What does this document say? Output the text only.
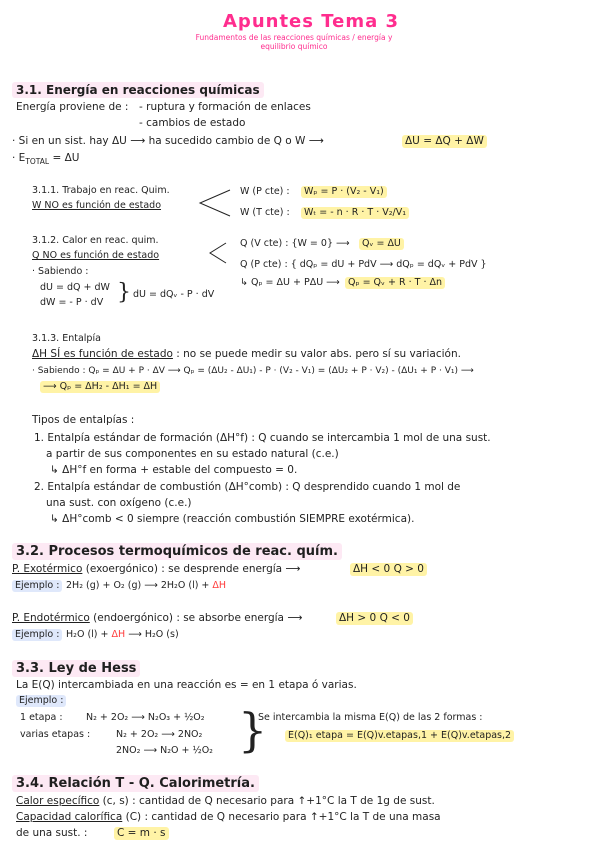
Apuntes Tema 3
Fundamentos de las reacciones químicas / energía y equilibrio químico
3.1. Energía en reacciones químicas
Energía proviene de : - ruptura y formación de enlaces
- cambios de estado
· Si en un sist. hay ΔU ⟶ ha sucedido cambio de Q o W ⟶	ΔU = ΔQ + ΔW
· $E_{TOTAL} = \Delta U$
3.1.1. Trabajo en reac. Quim.
W NO es función de estado
W (P cte) :	Wₚ = P · (V₂ - V₁)
W (T cte) :	Wₜ = - n · R · T · V₂/V₁
3.1.2. Calor en reac. quim.
Q NO es función de estado
· Sabiendo :
dU = dQ + dW
dW = - P · dV } dU = dQᵥ - P · dV
Q (V cte) : {W = 0} ⟶	Qᵥ = ΔU
Q (P cte) : { dQₚ = dU + PdV ⟶ dQₚ = dQᵥ + PdV }
↳ Qₚ = ΔU + PΔU ⟶ Qₚ = Qᵥ + R · T · Δn
3.1.3. Entalpía
ΔH SÍ es función de estado : no se puede medir su valor abs. pero sí su variación.
· Sabiendo : Qₚ = ΔU + P · ΔV ⟶ Qₚ = (ΔU₂ - ΔU₁) - P · (V₂ - V₁) = (ΔU₂ + P · V₂) - (ΔU₁ + P · V₁) ⟶
⟶ Qₚ = ΔH₂ - ΔH₁ = ΔH
Tipos de entalpías :
1. Entalpía estándar de formación (ΔH°f) : Q cuando se intercambia 1 mol de una sust.
a partir de sus componentes en su estado natural (c.e.)
↳ ΔH°f en forma + estable del compuesto = 0.
2. Entalpía estándar de combustión (ΔH°comb) : Q desprendido cuando 1 mol de
una sust. con oxígeno (c.e.)
↳ ΔH°comb < 0 siempre (reacción combustión SIEMPRE exotérmica).
3.2. Procesos termoquímicos de reac. quím.
P. Exotérmico (exoergónico) : se desprende energía ⟶	ΔH < 0 Q > 0
Ejemplo : 2H₂ (g) + O₂ (g) ⟶ 2H₂O (l) + ΔH
P. Endotérmico (endoergónico) : se absorbe energía ⟶	ΔH > 0 Q < 0
Ejemplo : H₂O (l) + ΔH ⟶ H₂O (s)
3.3. Ley de Hess
La E(Q) intercambiada en una reacción es = en 1 etapa ó varias.
Ejemplo :
1 etapa : N₂ + 2O₂ ⟶ N₂O₃ + ½O₂
varias etapas :	N₂ + 2O₂ ⟶ 2NO₂
2NO₂ ⟶ N₂O + ½O₂ }
Se intercambia la misma E(Q) de las 2 formas :
E(Q)₁ etapa = E(Q)v.etapas,1 + E(Q)v.etapas,2
3.4. Relación T - Q. Calorimetría.
Calor específico (c, s) : cantidad de Q necesario para ↑+1°C la T de 1g de sust.
Capacidad calorífica (C) : cantidad de Q necesario para ↑+1°C la T de una masa
de una sust. :	C = m · s
